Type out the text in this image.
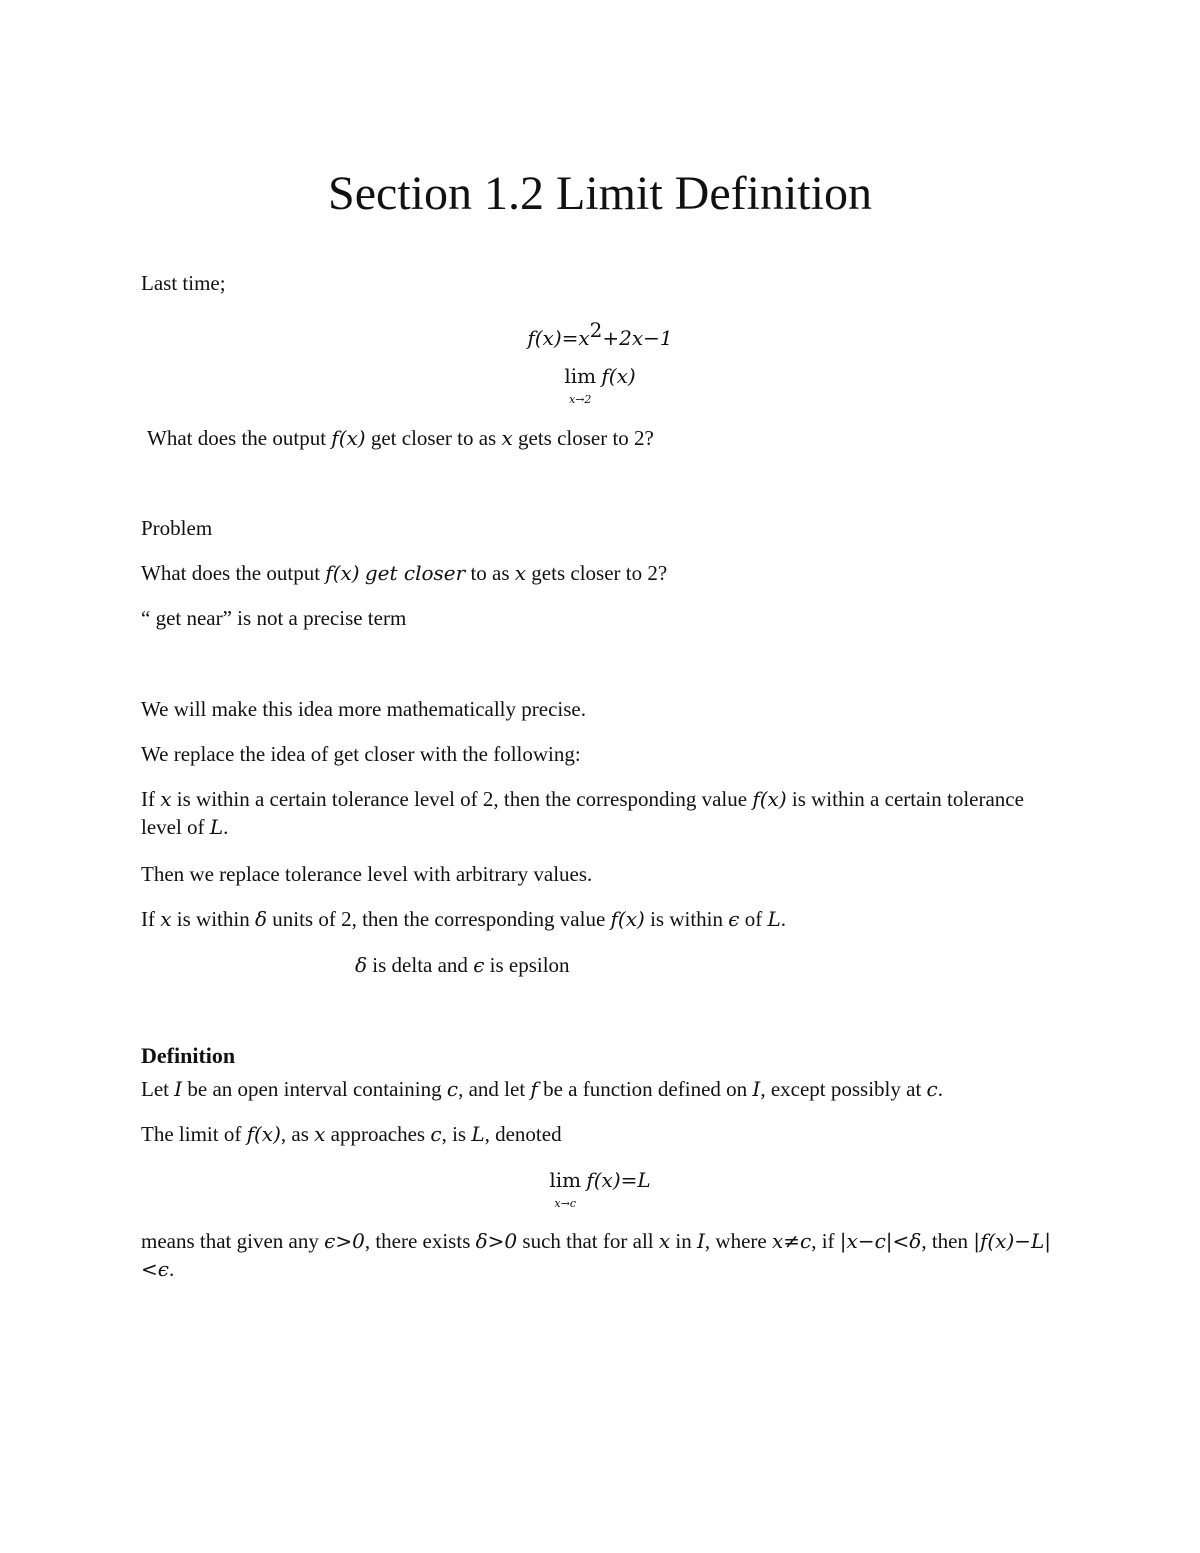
Section 1.2 Limit Definition
Last time;
$f(x)=x^2+2x-1$
lim
x→2
f(x)
What does the output f(x) get closer to as x gets closer to 2?
Problem
What does the output f(x) get closer to as x gets closer to 2?
“ get near” is not a precise term
We will make this idea more mathematically precise.
We replace the idea of get closer with the following:
If x is within a certain tolerance level of 2, then the corresponding value f(x) is within a certain tolerance level of L.
Then we replace tolerance level with arbitrary values.
If x is within δ units of 2, then the corresponding value f(x) is within ϵ of L.
δ is delta and ϵ is epsilon
Definition
Let I be an open interval containing c, and let f be a function defined on I, except possibly at c.
The limit of f(x), as x approaches c, is L, denoted
lim
x→c
f(x)=L
means that given any ϵ>0, there exists δ>0 such that for all x in I, where x≠c, if |x−c|<δ, then |f(x)−L|<ϵ.
